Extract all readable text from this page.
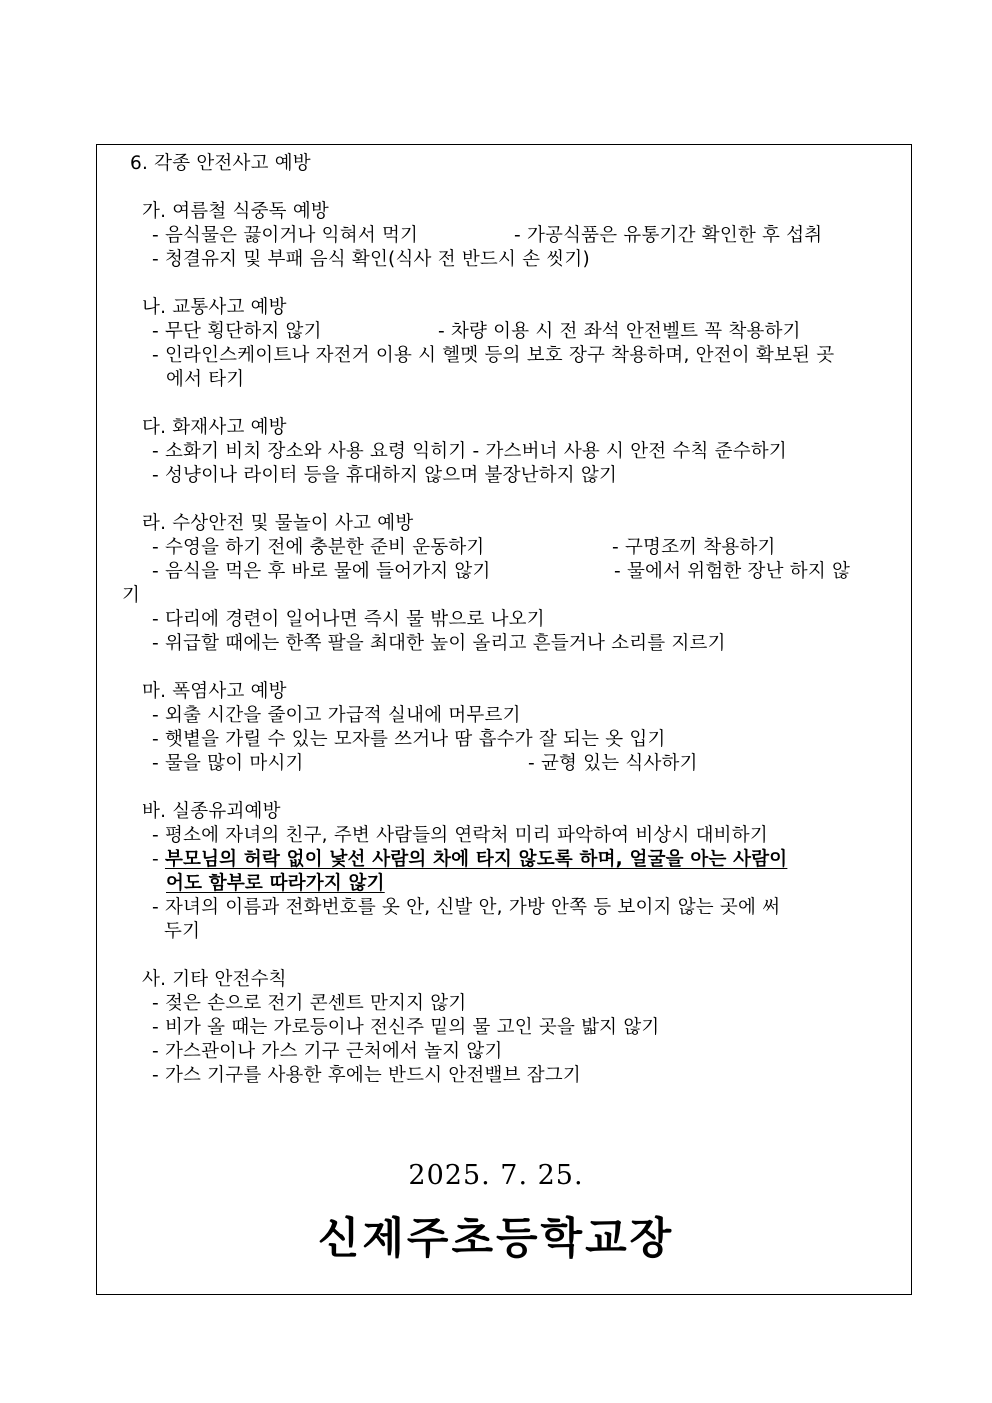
6. 각종 안전사고 예방
가. 여름철 식중독 예방
- 음식물은 끓이거나 익혀서 먹기	- 가공식품은 유통기간 확인한 후 섭취
- 청결유지 및 부패 음식 확인(식사 전 반드시 손 씻기)
나. 교통사고 예방
- 무단 횡단하지 않기	- 차량 이용 시 전 좌석 안전벨트 꼭 착용하기
- 인라인스케이트나 자전거 이용 시 헬멧 등의 보호 장구 착용하며, 안전이 확보된 곳
에서 타기
다. 화재사고 예방
- 소화기 비치 장소와 사용 요령 익히기 - 가스버너 사용 시 안전 수칙 준수하기
- 성냥이나 라이터 등을 휴대하지 않으며 불장난하지 않기
라. 수상안전 및 물놀이 사고 예방
- 수영을 하기 전에 충분한 준비 운동하기	- 구명조끼 착용하기
- 음식을 먹은 후 바로 물에 들어가지 않기	- 물에서 위험한 장난 하지 않
기
- 다리에 경련이 일어나면 즉시 물 밖으로 나오기
- 위급할 때에는 한쪽 팔을 최대한 높이 올리고 흔들거나 소리를 지르기
마. 폭염사고 예방
- 외출 시간을 줄이고 가급적 실내에 머무르기
- 햇볕을 가릴 수 있는 모자를 쓰거나 땀 흡수가 잘 되는 옷 입기
- 물을 많이 마시기	- 균형 있는 식사하기
바. 실종유괴예방
- 평소에 자녀의 친구, 주변 사람들의 연락처 미리 파악하여 비상시 대비하기
- 부모님의 허락 없이 낯선 사람의 차에 타지 않도록 하며, 얼굴을 아는 사람이
어도 함부로 따라가지 않기
- 자녀의 이름과 전화번호를 옷 안, 신발 안, 가방 안쪽 등 보이지 않는 곳에 써
두기
사. 기타 안전수칙
- 젖은 손으로 전기 콘센트 만지지 않기
- 비가 올 때는 가로등이나 전신주 밑의 물 고인 곳을 밟지 않기
- 가스관이나 가스 기구 근처에서 놀지 않기
- 가스 기구를 사용한 후에는 반드시 안전밸브 잠그기
2025. 7. 25.
신제주초등학교장
